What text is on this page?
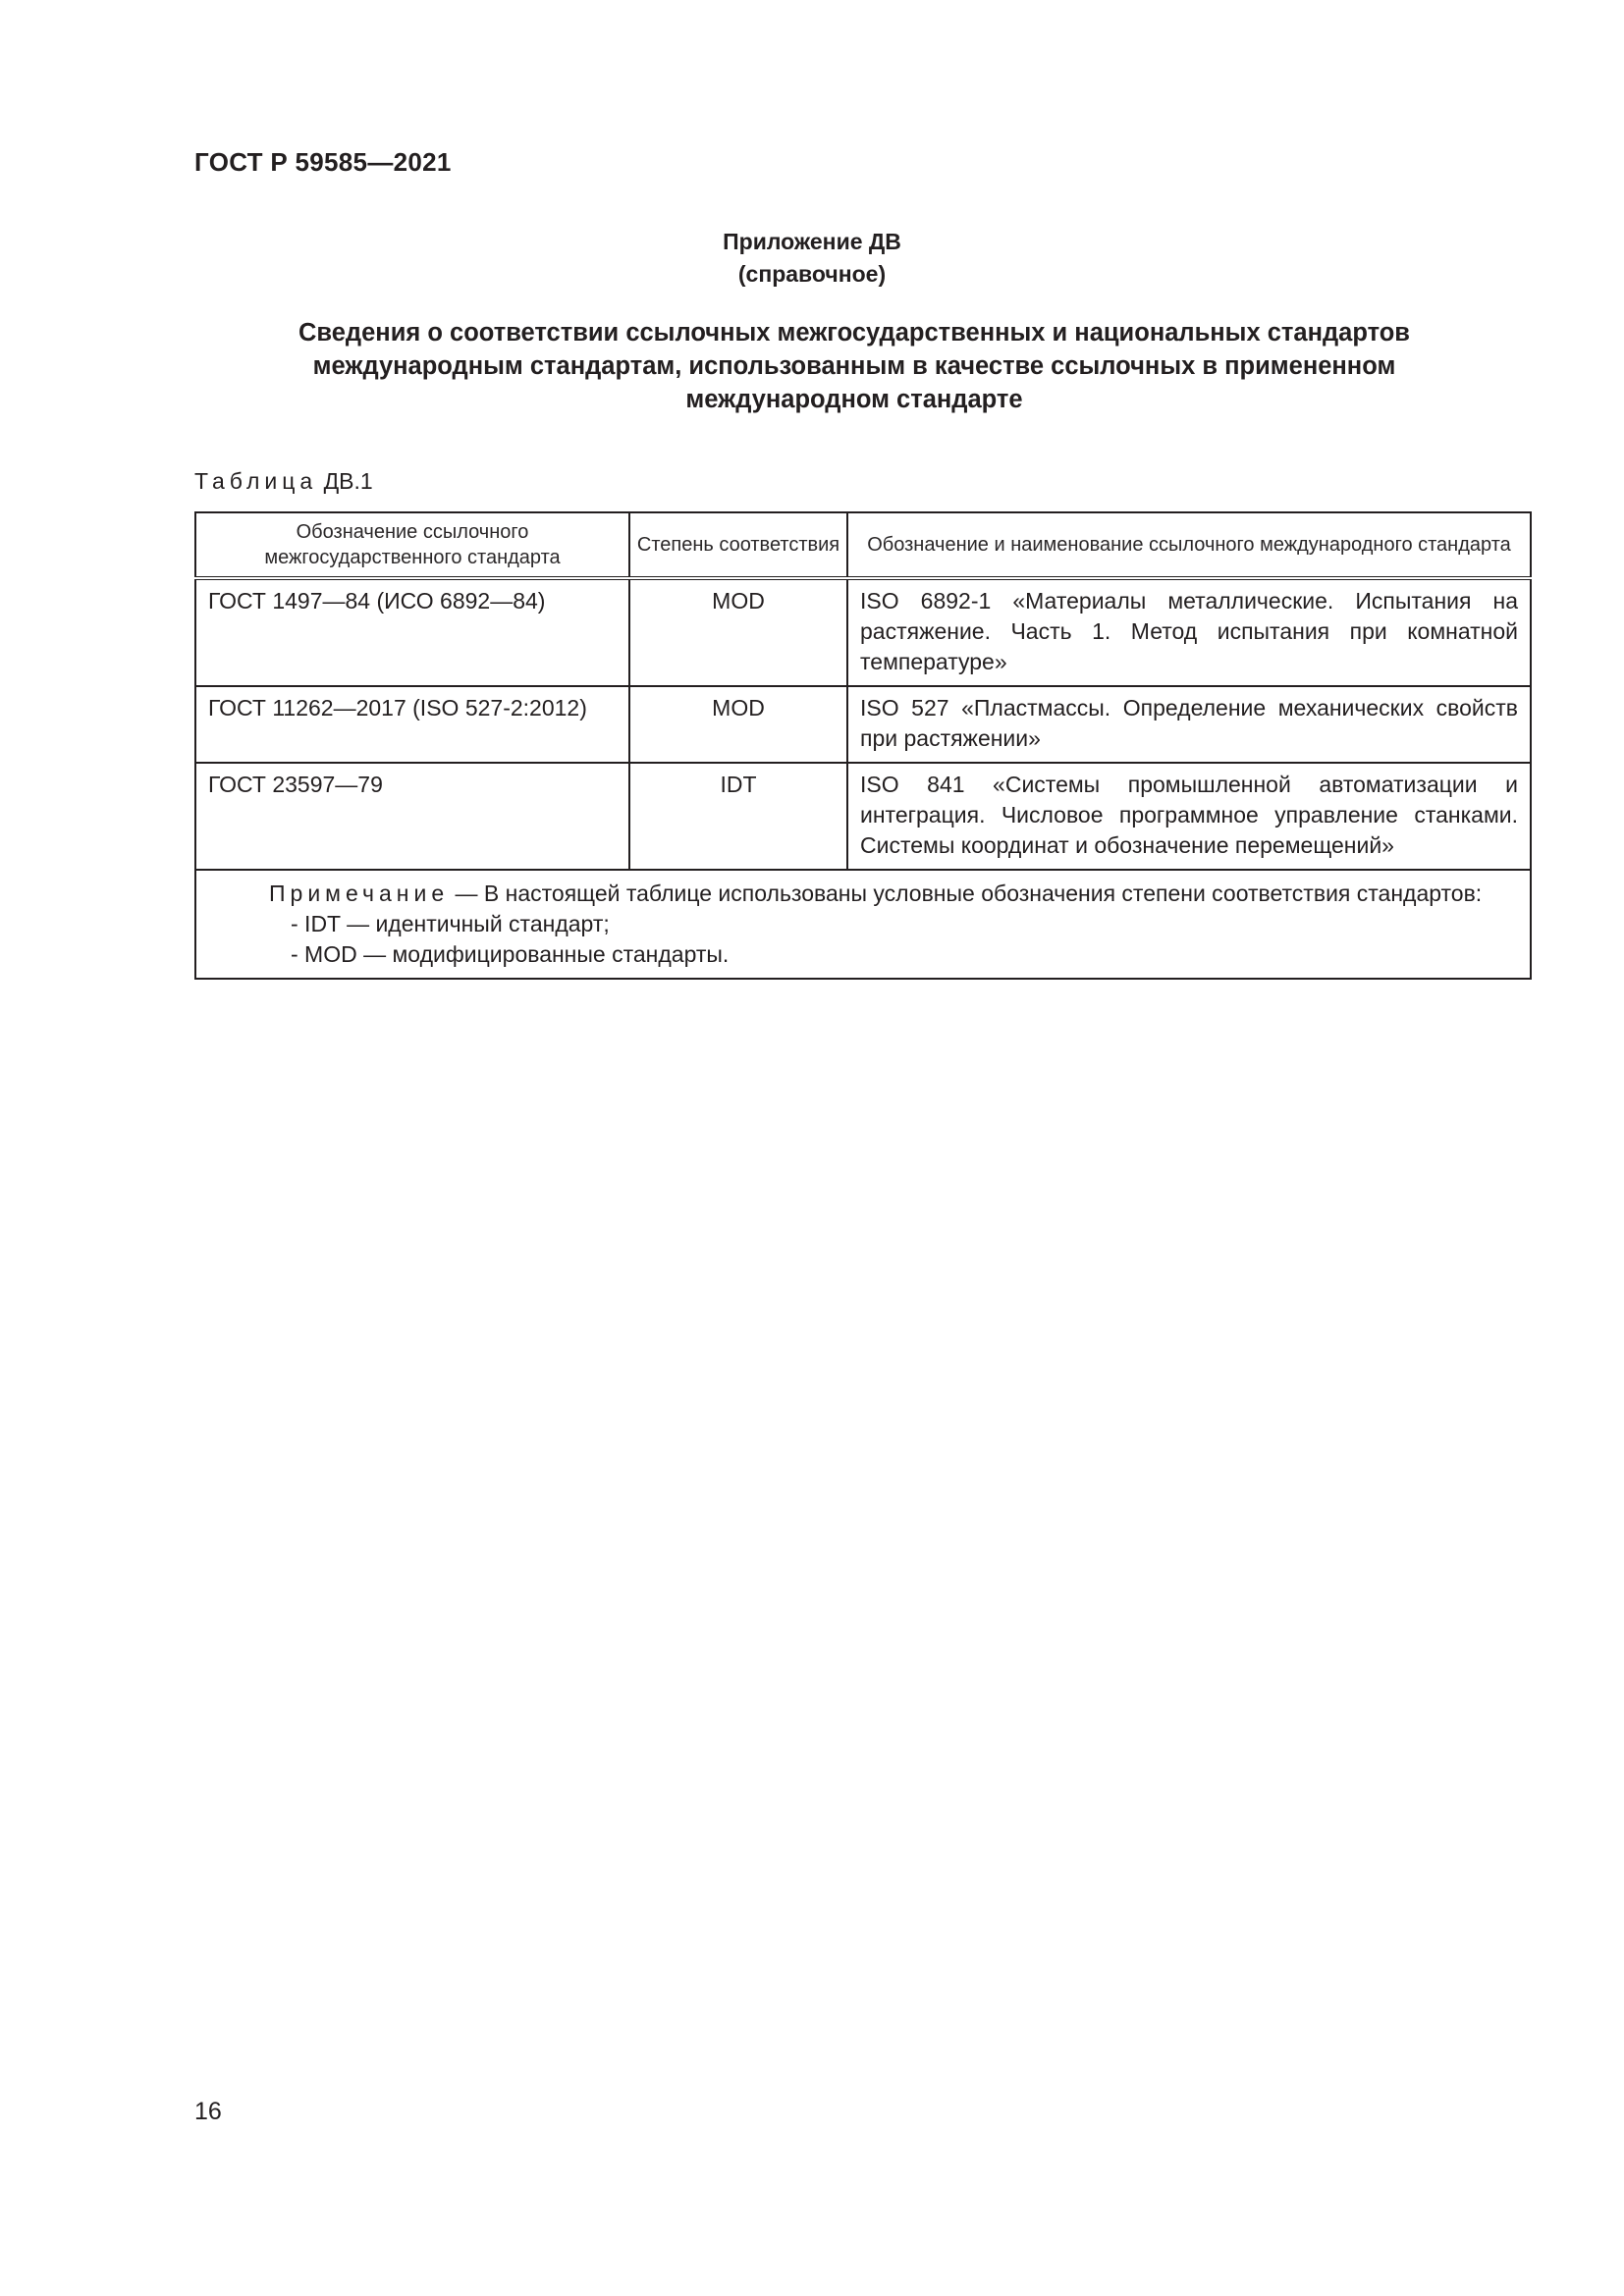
ГОСТ Р 59585—2021
Приложение ДВ
(справочное)
Сведения о соответствии ссылочных межгосударственных и национальных стандартов
международным стандартам, использованным в качестве ссылочных в примененном
международном стандарте
Таблица ДВ.1
Обозначение ссылочного межгосударственного стандарта	Степень соответствия	Обозначение и наименование ссылочного международного стандарта
ГОСТ 1497—84 (ИСО 6892—84)	MOD	ISO 6892-1 «Материалы металлические. Испытания на растяжение. Часть 1. Метод испытания при комнатной температуре»
ГОСТ 11262—2017 (ISO 527-2:2012)	MOD	ISO 527 «Пластмассы. Определение механических свойств при растяжении»
ГОСТ 23597—79	IDT	ISO 841 «Системы промышленной автоматизации и интеграция. Числовое программное управление станками. Системы координат и обозначение перемещений»

Примечание — В настоящей таблице использованы условные обозначения степени соответствия стандартов:
- IDT — идентичный стандарт;
- MOD — модифицированные стандарты.		
16
